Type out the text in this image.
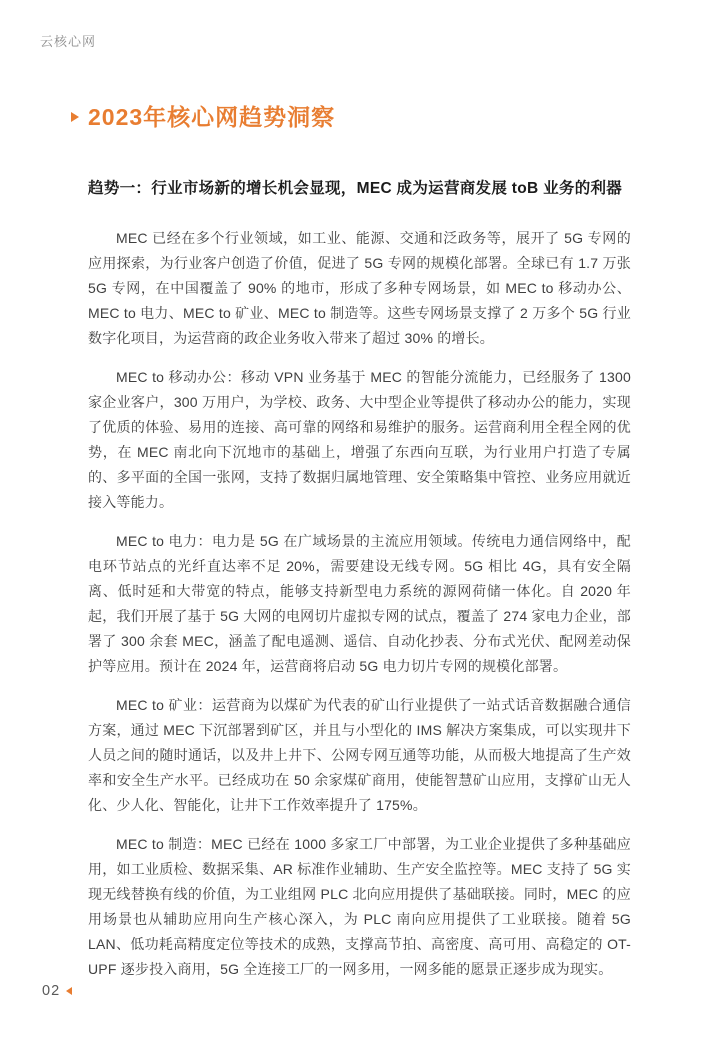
云核心网
2023年核心网趋势洞察
趋势一：行业市场新的增长机会显现，MEC 成为运营商发展 toB 业务的利器

MEC 已经在多个行业领域，如工业、能源、交通和泛政务等，展开了 5G 专网的应用探索，为行业客户创造了价值，促进了 5G 专网的规模化部署。全球已有 1.7 万张 5G 专网，在中国覆盖了 90% 的地市，形成了多种专网场景，如 MEC to 移动办公、MEC to 电力、MEC to 矿业、MEC to 制造等。这些专网场景支撑了 2 万多个 5G 行业数字化项目，为运营商的政企业务收入带来了超过 30% 的增长。

MEC to 移动办公：移动 VPN 业务基于 MEC 的智能分流能力，已经服务了 1300 家企业客户，300 万用户，为学校、政务、大中型企业等提供了移动办公的能力，实现了优质的体验、易用的连接、高可靠的网络和易维护的服务。运营商利用全程全网的优势，在 MEC 南北向下沉地市的基础上，增强了东西向互联，为行业用户打造了专属的、多平面的全国一张网，支持了数据归属地管理、安全策略集中管控、业务应用就近接入等能力。

MEC to 电力：电力是 5G 在广域场景的主流应用领域。传统电力通信网络中，配电环节站点的光纤直达率不足 20%，需要建设无线专网。5G 相比 4G，具有安全隔离、低时延和大带宽的特点，能够支持新型电力系统的源网荷储一体化。自 2020 年起，我们开展了基于 5G 大网的电网切片虚拟专网的试点，覆盖了 274 家电力企业，部署了 300 余套 MEC，涵盖了配电遥测、遥信、自动化抄表、分布式光伏、配网差动保护等应用。预计在 2024 年，运营商将启动 5G 电力切片专网的规模化部署。

MEC to 矿业：运营商为以煤矿为代表的矿山行业提供了一站式话音数据融合通信方案，通过 MEC 下沉部署到矿区，并且与小型化的 IMS 解决方案集成，可以实现井下人员之间的随时通话，以及井上井下、公网专网互通等功能，从而极大地提高了生产效率和安全生产水平。已经成功在 50 余家煤矿商用，使能智慧矿山应用，支撑矿山无人化、少人化、智能化，让井下工作效率提升了 175%。

MEC to 制造：MEC 已经在 1000 多家工厂中部署，为工业企业提供了多种基础应用，如工业质检、数据采集、AR 标准作业辅助、生产安全监控等。MEC 支持了 5G 实现无线替换有线的价值，为工业组网 PLC 北向应用提供了基础联接。同时，MEC 的应用场景也从辅助应用向生产核心深入，为 PLC 南向应用提供了工业联接。随着 5G LAN、低功耗高精度定位等技术的成熟，支撑高节拍、高密度、高可用、高稳定的 OT-UPF 逐步投入商用，5G 全连接工厂的一网多用，一网多能的愿景正逐步成为现实。

02
